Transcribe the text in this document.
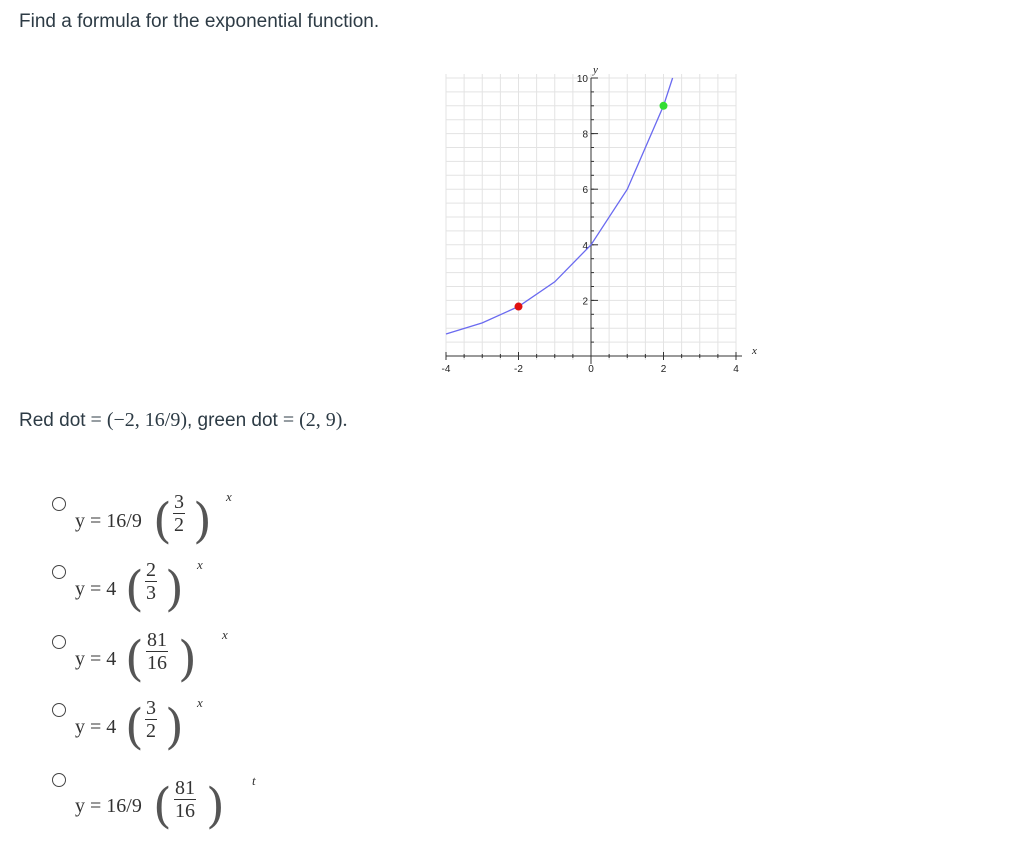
Find a formula for the exponential function.
-4	-2	0	2	4
2
4
6
8
10
x
y
Red dot = (−2, 16/9), green dot = (2, 9).
y = 16/9 ( $\frac{3}{2}$ ) x
y = 4 ( $\frac{2}{3}$ ) x
y = 4 ( $\frac{81}{16}$ ) x
y = 4 ( $\frac{3}{2}$ ) x
y = 16/9 ( $\frac{81}{16}$ ) t
